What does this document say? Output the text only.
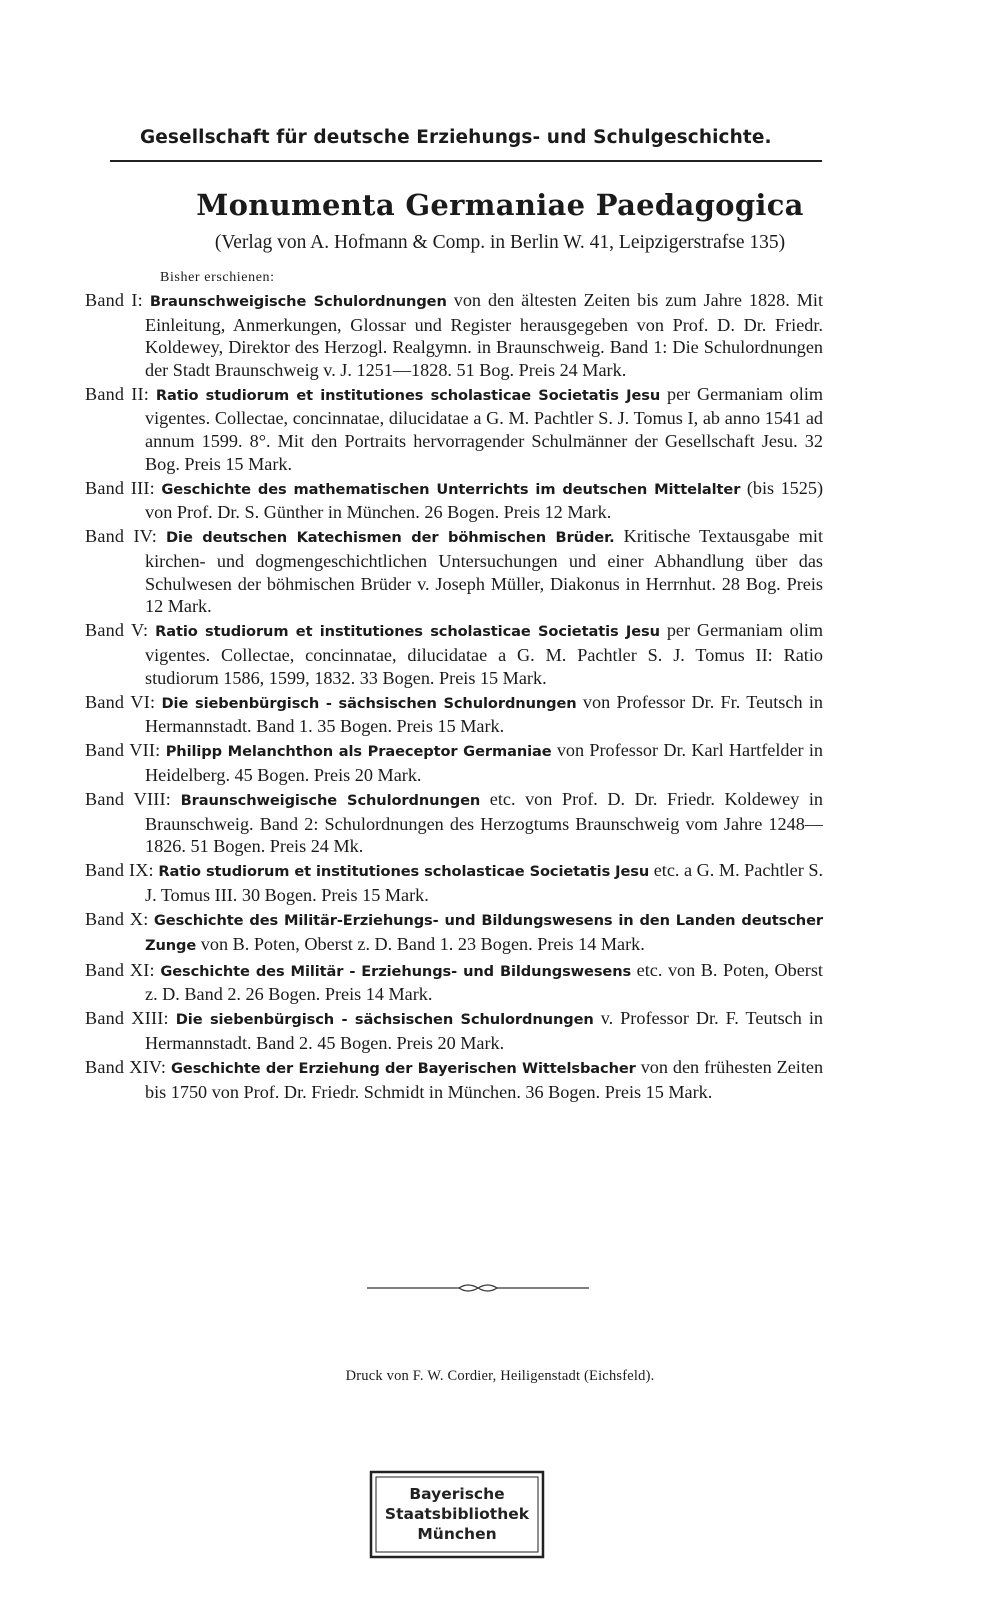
Gesellschaft für deutsche Erziehungs- und Schulgeschichte.
Monumenta Germaniae Paedagogica
(Verlag von A. Hofmann & Comp. in Berlin W. 41, Leipzigerstrafse 135)
Bisher erschienen:
Band I: Braunschweigische Schulordnungen von den ältesten Zeiten bis zum Jahre 1828. Mit Einleitung, Anmerkungen, Glossar und Register herausgegeben von Prof. D. Dr. Friedr. Koldewey, Direktor des Herzogl. Realgymn. in Braunschweig. Band 1: Die Schulordnungen der Stadt Braunschweig v. J. 1251—1828. 51 Bog. Preis 24 Mark.
Band II: Ratio studiorum et institutiones scholasticae Societatis Jesu per Germaniam olim vigentes. Collectae, concinnatae, dilucidatae a G. M. Pachtler S. J. Tomus I, ab anno 1541 ad annum 1599. 8°. Mit den Portraits hervorragender Schulmänner der Gesellschaft Jesu. 32 Bog. Preis 15 Mark.
Band III: Geschichte des mathematischen Unterrichts im deutschen Mittelalter (bis 1525) von Prof. Dr. S. Günther in München. 26 Bogen. Preis 12 Mark.
Band IV: Die deutschen Katechismen der böhmischen Brüder. Kritische Textausgabe mit kirchen- und dogmengeschichtlichen Untersuchungen und einer Abhandlung über das Schulwesen der böhmischen Brüder v. Joseph Müller, Diakonus in Herrnhut. 28 Bog. Preis 12 Mark.
Band V: Ratio studiorum et institutiones scholasticae Societatis Jesu per Germaniam olim vigentes. Collectae, concinnatae, dilucidatae a G. M. Pachtler S. J. Tomus II: Ratio studiorum 1586, 1599, 1832. 33 Bogen. Preis 15 Mark.
Band VI: Die siebenbürgisch - sächsischen Schulordnungen von Professor Dr. Fr. Teutsch in Hermannstadt. Band 1. 35 Bogen. Preis 15 Mark.
Band VII: Philipp Melanchthon als Praeceptor Germaniae von Professor Dr. Karl Hartfelder in Heidelberg. 45 Bogen. Preis 20 Mark.
Band VIII: Braunschweigische Schulordnungen etc. von Prof. D. Dr. Friedr. Koldewey in Braunschweig. Band 2: Schulordnungen des Herzogtums Braunschweig vom Jahre 1248—1826. 51 Bogen. Preis 24 Mk.
Band IX: Ratio studiorum et institutiones scholasticae Societatis Jesu etc. a G. M. Pachtler S. J. Tomus III. 30 Bogen. Preis 15 Mark.
Band X: Geschichte des Militär-Erziehungs- und Bildungswesens in den Landen deutscher Zunge von B. Poten, Oberst z. D. Band 1. 23 Bogen. Preis 14 Mark.
Band XI: Geschichte des Militär - Erziehungs- und Bildungswesens etc. von B. Poten, Oberst z. D. Band 2. 26 Bogen. Preis 14 Mark.
Band XIII: Die siebenbürgisch - sächsischen Schulordnungen v. Professor Dr. F. Teutsch in Hermannstadt. Band 2. 45 Bogen. Preis 20 Mark.
Band XIV: Geschichte der Erziehung der Bayerischen Wittelsbacher von den frühesten Zeiten bis 1750 von Prof. Dr. Friedr. Schmidt in München. 36 Bogen. Preis 15 Mark.
Druck von F. W. Cordier, Heiligenstadt (Eichsfeld).
Bayerische
Staatsbibliothek
München
